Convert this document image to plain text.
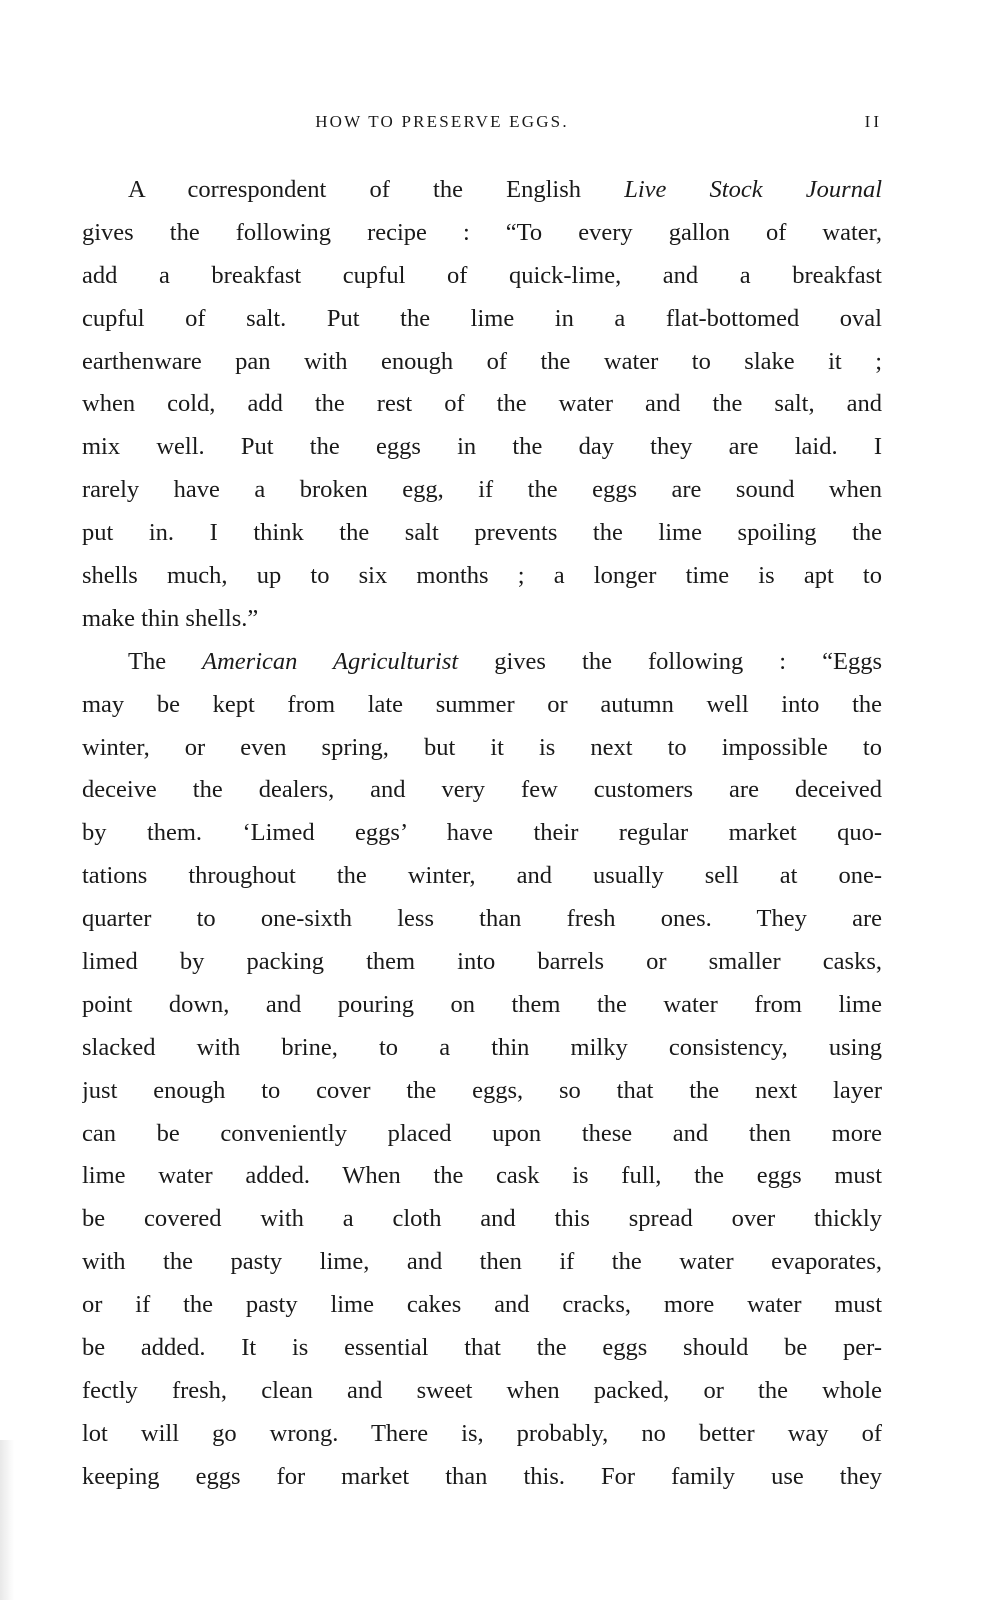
HOW TO PRESERVE EGGS.	II
A correspondent of the English Live Stock Journal
gives the following recipe : “To every gallon of water,
add a breakfast cupful of quick-lime, and a breakfast
cupful of salt. Put the lime in a flat-bottomed oval
earthenware pan with enough of the water to slake it ;
when cold, add the rest of the water and the salt, and
mix well. Put the eggs in the day they are laid. I
rarely have a broken egg, if the eggs are sound when
put in. I think the salt prevents the lime spoiling the
shells much, up to six months ; a longer time is apt to
make thin shells.”
The American Agriculturist gives the following : “Eggs
may be kept from late summer or autumn well into the
winter, or even spring, but it is next to impossible to
deceive the dealers, and very few customers are deceived
by them. ‘Limed eggs’ have their regular market quo-
tations throughout the winter, and usually sell at one-
quarter to one-sixth less than fresh ones. They are
limed by packing them into barrels or smaller casks,
point down, and pouring on them the water from lime
slacked with brine, to a thin milky consistency, using
just enough to cover the eggs, so that the next layer
can be conveniently placed upon these and then more
lime water added. When the cask is full, the eggs must
be covered with a cloth and this spread over thickly
with the pasty lime, and then if the water evaporates,
or if the pasty lime cakes and cracks, more water must
be added. It is essential that the eggs should be per-
fectly fresh, clean and sweet when packed, or the whole
lot will go wrong. There is, probably, no better way of
keeping eggs for market than this. For family use they
